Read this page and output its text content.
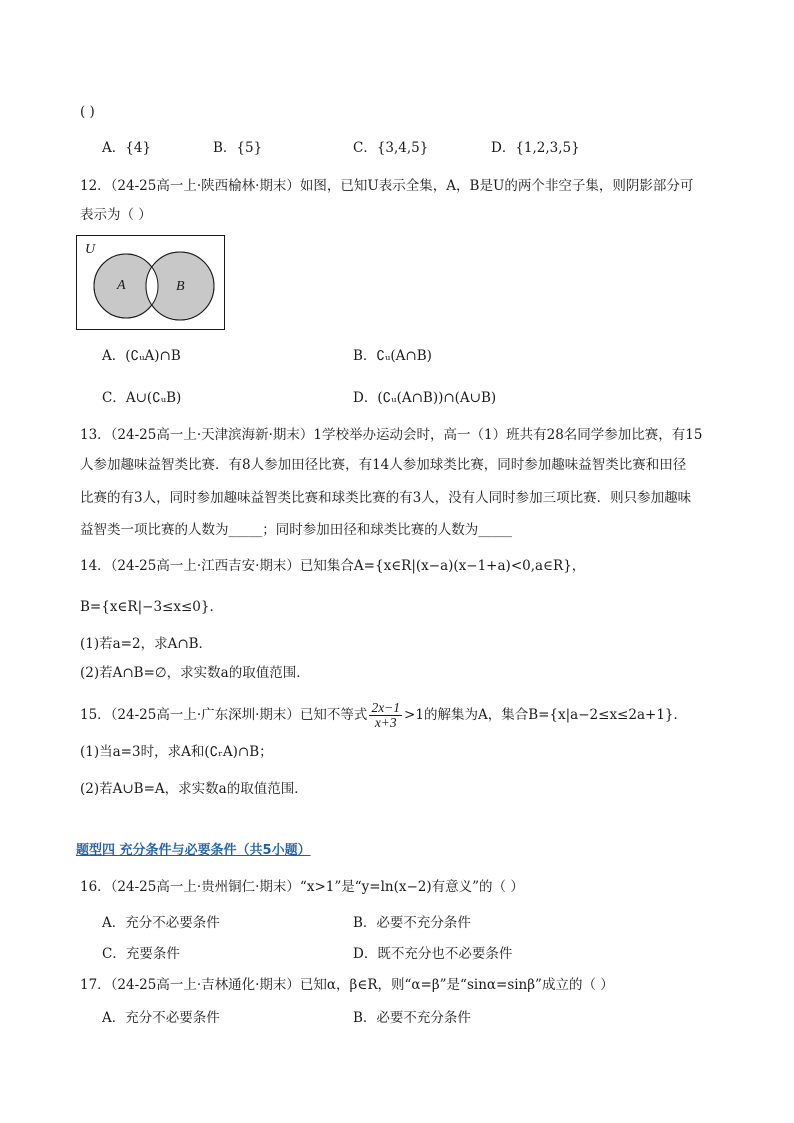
( )
A．{4}	B．{5}	C．{3,4,5}	D．{1,2,3,5}
12．（24-25高一上·陕西榆林·期末）如图，已知U表示全集，A，B是U的两个非空子集，则阴影部分可
表示为（ ）
U
A	B
A．(∁ᵤA)∩B	B．∁ᵤ(A∩B)
C．A∪(∁ᵤB)	D．(∁ᵤ(A∩B))∩(A∪B)
13．（24-25高一上·天津滨海新·期末）1学校举办运动会时，高一（1）班共有28名同学参加比赛，有15
人参加趣味益智类比赛．有8人参加田径比赛，有14人参加球类比赛，同时参加趣味益智类比赛和田径
比赛的有3人，同时参加趣味益智类比赛和球类比赛的有3人，没有人同时参加三项比赛．则只参加趣味
益智类一项比赛的人数为_____；同时参加田径和球类比赛的人数为_____
14．（24-25高一上·江西吉安·期末）已知集合A={x∈R|(x−a)(x−1+a)<0,a∈R}，
B={x∈R|−3≤x≤0}．
(1)若a=2，求A∩B．
(2)若A∩B=∅，求实数a的取值范围．
15．（24-25高一上·广东深圳·期末）已知不等式 $\frac{2x-1}{x+3} >1$的解集为A，集合B={x|a−2≤x≤2a+1}．
(1)当a=3时，求A和(∁ᵣA)∩B；
(2)若A∪B=A，求实数a的取值范围．
题型四 充分条件与必要条件（共5小题）
16．（24-25高一上·贵州铜仁·期末）“x>1”是“y=ln(x−2)有意义”的（ ）
A．充分不必要条件	B．必要不充分条件
C．充要条件	D．既不充分也不必要条件
17．（24-25高一上·吉林通化·期末）已知α，β∈R，则“α=β”是“sinα=sinβ”成立的（ ）
A．充分不必要条件	B．必要不充分条件
